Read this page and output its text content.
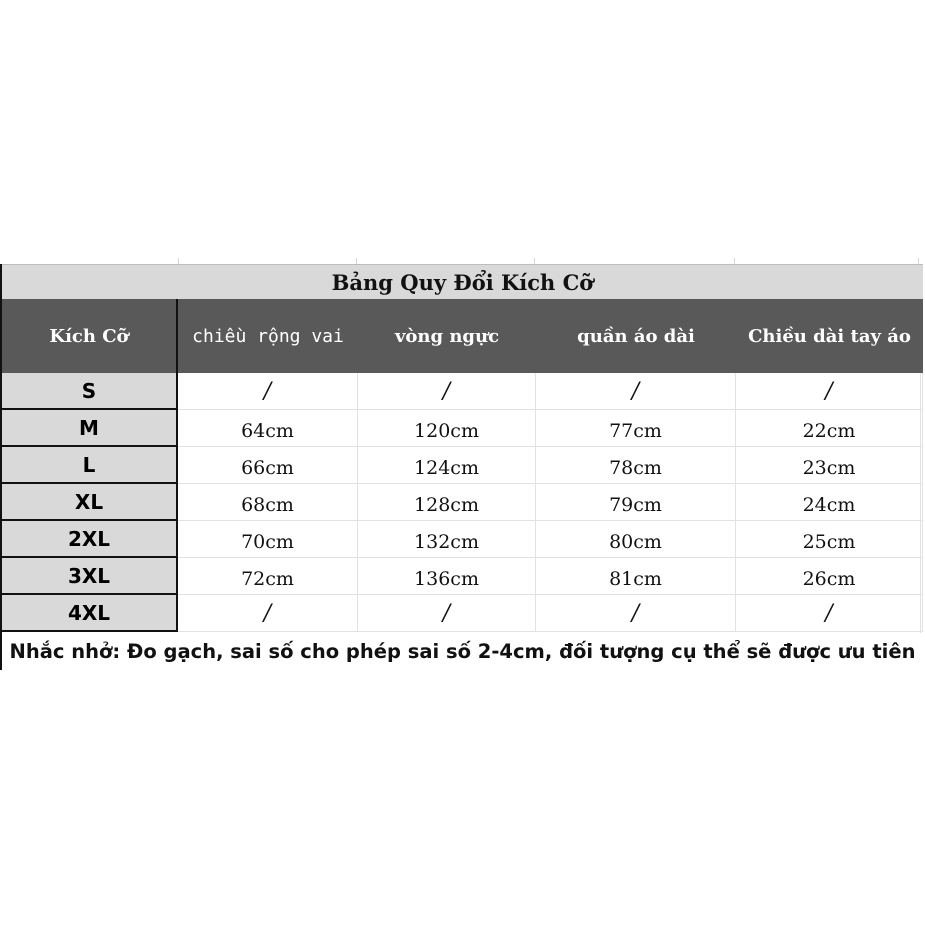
Bảng Quy Đổi Kích Cỡ
Kích Cỡ	chiều rộng vai	vòng ngực	quần áo dài	Chiều dài tay áo
S	/	/	/	/
M	64cm	120cm	77cm	22cm
L	66cm	124cm	78cm	23cm
XL	68cm	128cm	79cm	24cm
2XL	70cm	132cm	80cm	25cm
3XL	72cm	136cm	81cm	26cm
4XL	/	/	/	/
Nhắc nhở: Đo gạch, sai số cho phép sai số 2-4cm, đối tượng cụ thể sẽ được ưu tiên
